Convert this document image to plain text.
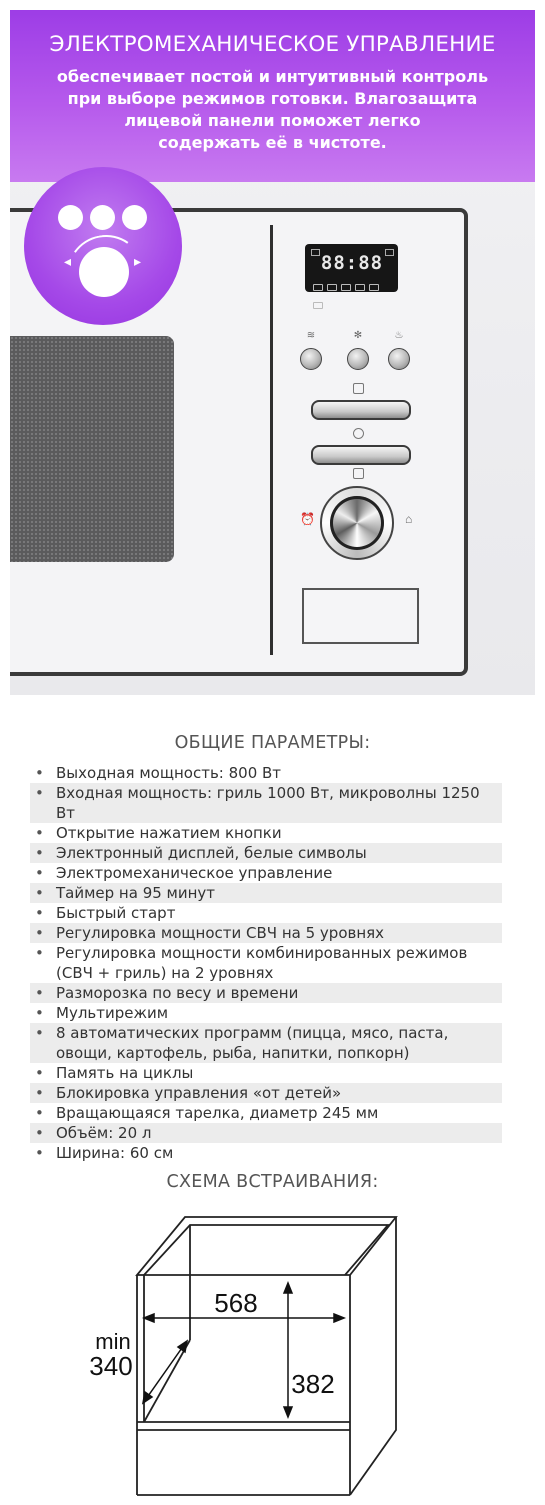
ЭЛЕКТРОМЕХАНИЧЕСКОЕ УПРАВЛЕНИЕ
обеспечивает постой и интуитивный контроль
при выборе режимов готовки. Влагозащита
лицевой панели поможет легко
содержать её в чистоте.
88:88
≋	✻	♨
⏰	⌂
◂	▸
ОБЩИЕ ПАРАМЕТРЫ:
• Выходная мощность: 800 Вт
• Входная мощность: гриль 1000 Вт, микроволны 1250 Вт
• Открытие нажатием кнопки
• Электронный дисплей, белые символы
• Электромеханическое управление
• Таймер на 95 минут
• Быстрый старт
• Регулировка мощности СВЧ на 5 уровнях
• Регулировка мощности комбинированных режимов (СВЧ + гриль) на 2 уровнях
• Разморозка по весу и времени
• Мультирежим
• 8 автоматических программ (пицца, мясо, паста, овощи, картофель, рыба, напитки, попкорн)
• Память на циклы
• Блокировка управления «от детей»
• Вращающаяся тарелка, диаметр 245 мм
• Объём: 20 л
• Ширина: 60 см
СХЕМА ВСТРАИВАНИЯ:
568
382
min
340
